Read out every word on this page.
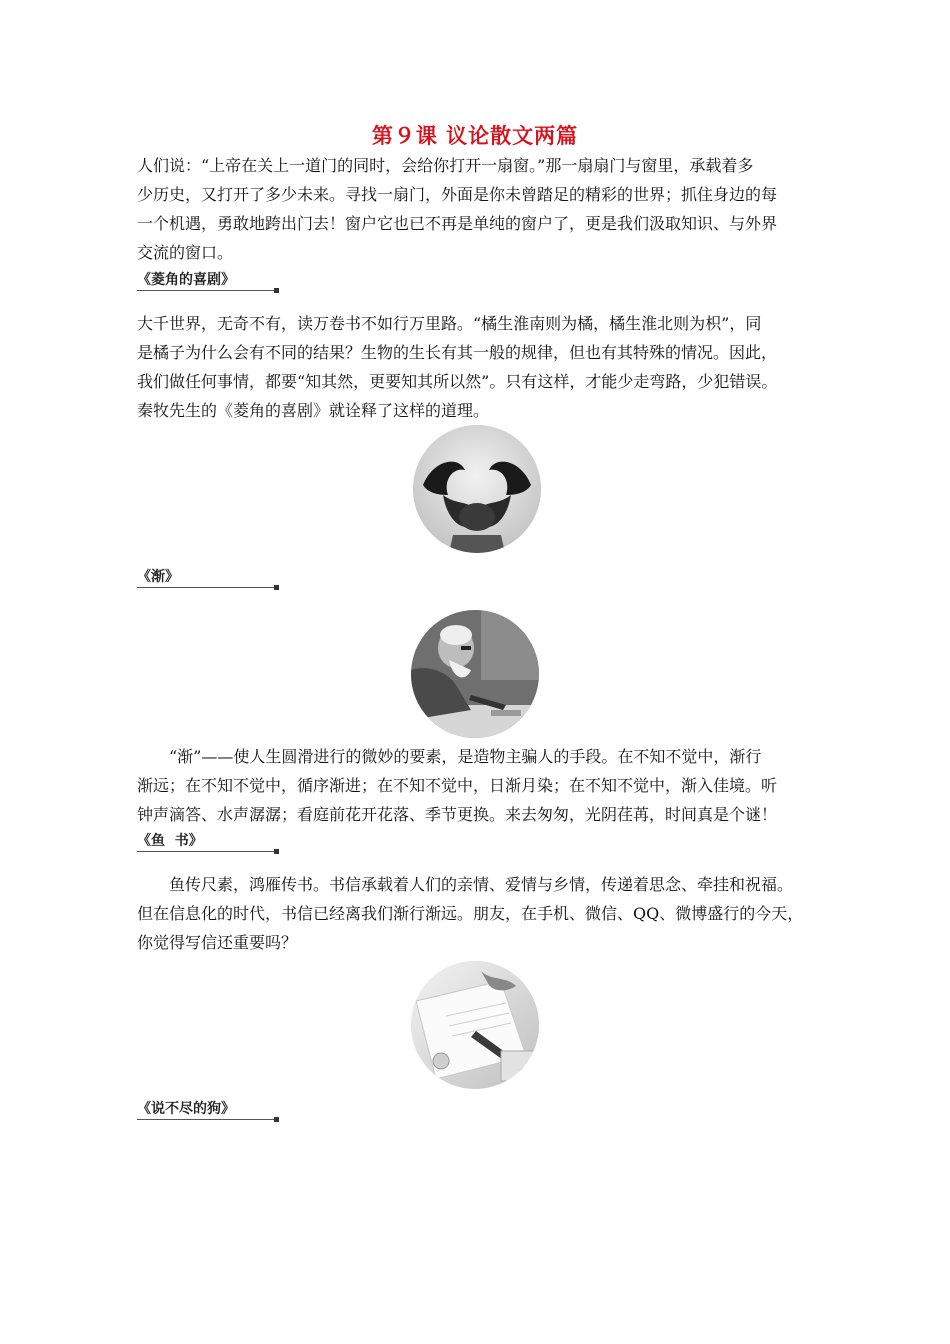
第９课 议论散文两篇
人们说：“上帝在关上一道门的同时，会给你打开一扇窗。”那一扇扇门与窗里，承载着多
少历史，又打开了多少未来。寻找一扇门，外面是你未曾踏足的精彩的世界；抓住身边的每
一个机遇，勇敢地跨出门去！窗户它也已不再是单纯的窗户了，更是我们汲取知识、与外界
交流的窗口。
《菱角的喜剧》
大千世界，无奇不有，读万卷书不如行万里路。“橘生淮南则为橘，橘生淮北则为枳”，同
是橘子为什么会有不同的结果？生物的生长有其一般的规律，但也有其特殊的情况。因此，
我们做任何事情，都要“知其然，更要知其所以然”。只有这样，才能少走弯路，少犯错误。
秦牧先生的《菱角的喜剧》就诠释了这样的道理。
《渐》
“渐”——使人生圆滑进行的微妙的要素，是造物主骗人的手段。在不知不觉中，渐行
渐远；在不知不觉中，循序渐进；在不知不觉中，日渐月染；在不知不觉中，渐入佳境。听
钟声滴答、水声潺潺；看庭前花开花落、季节更换。来去匆匆，光阴荏苒，时间真是个谜！
《鱼  书》
鱼传尺素，鸿雁传书。书信承载着人们的亲情、爱情与乡情，传递着思念、牵挂和祝福。
但在信息化的时代，书信已经离我们渐行渐远。朋友，在手机、微信、QQ、微博盛行的今天，
你觉得写信还重要吗？
《说不尽的狗》
